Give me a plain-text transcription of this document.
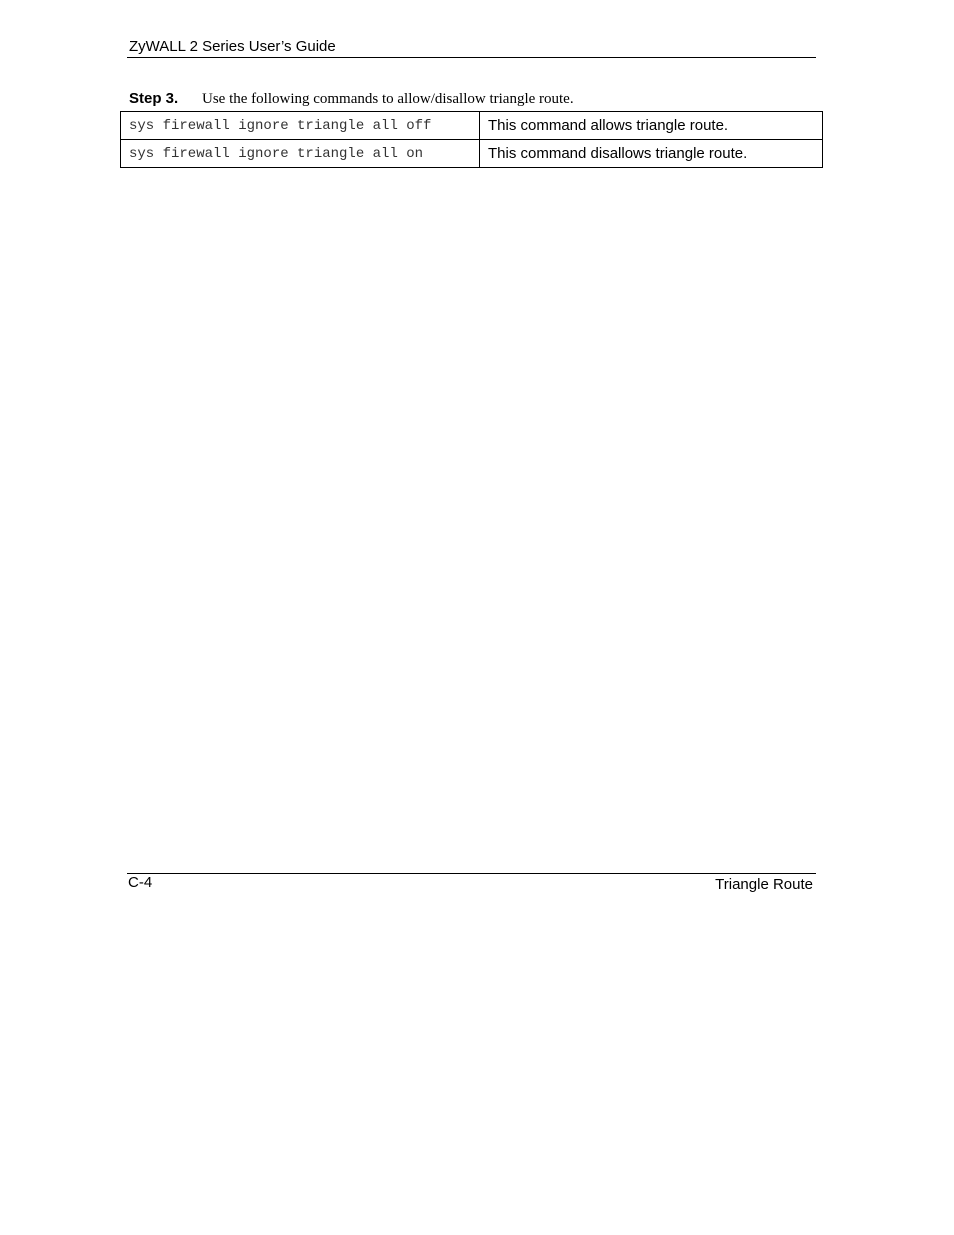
ZyWALL 2 Series User’s Guide
Step 3. Use the following commands to allow/disallow triangle route.
sys firewall ignore triangle all off	This command allows triangle route.
sys firewall ignore triangle all on	This command disallows triangle route.
C-4	Triangle Route
